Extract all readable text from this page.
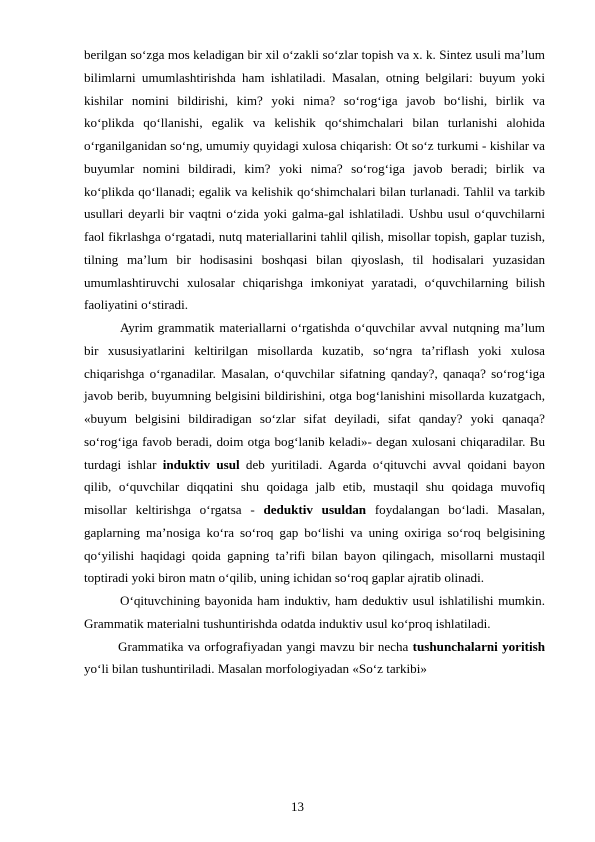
berilgan so‘zga mos keladigan bir xil o‘zakli so‘zlar topish va x. k. Sintez usuli ma’lum bilimlarni umumlashtirishda ham ishlatiladi. Masalan, otning belgilari: buyum yoki kishilar nomini bildirishi, kim? yoki nima? so‘rog‘iga javob bo‘lishi, birlik va ko‘plikda qo‘llanishi, egalik va kelishik qo‘shimchalari bilan turlanishi alohida o‘rganilganidan so‘ng, umumiy quyidagi xulosa chiqarish: Ot so‘z turkumi - kishilar va buyumlar nomini bildiradi, kim? yoki nima? so‘rog‘iga javob beradi; birlik va ko‘plikda qo‘llanadi; egalik va kelishik qo‘shimchalari bilan turlanadi. Tahlil va tarkib usullari deyarli bir vaqtni o‘zida yoki galma-gal ishlatiladi. Ushbu usul o‘quvchilarni faol fikrlashga o‘rgatadi, nutq materiallarini tahlil qilish, misollar topish, gaplar tuzish, tilning ma’lum bir hodisasini boshqasi bilan qiyoslash, til hodisalari yuzasidan umumlashtiruvchi xulosalar chiqarishga imkoniyat yaratadi, o‘quvchilarning bilish faoliyatini o‘stiradi.

Ayrim grammatik materiallarni o‘rgatishda o‘quvchilar avval nutqning ma’lum bir xususiyatlarini keltirilgan misollarda kuzatib, so‘ngra ta’riflash yoki xulosa chiqarishga o‘rganadilar. Masalan, o‘quvchilar sifatning qanday?, qanaqa? so‘rog‘iga javob berib, buyumning belgisini bildirishini, otga bog‘lanishini misollarda kuzatgach, «buyum belgisini bildiradigan so‘zlar sifat deyiladi, sifat qanday? yoki qanaqa? so‘rog‘iga favob beradi, doim otga bog‘lanib keladi»- degan xulosani chiqaradilar. Bu turdagi ishlar induktiv usul deb yuritiladi. Agarda o‘qituvchi avval qoidani bayon qilib, o‘quvchilar diqqatini shu qoidaga jalb etib, mustaqil shu qoidaga muvofiq misollar keltirishga o‘rgatsa - deduktiv usuldan foydalangan bo‘ladi. Masalan, gaplarning ma’nosiga ko‘ra so‘roq gap bo‘lishi va uning oxiriga so‘roq belgisining qo‘yilishi haqidagi qoida gapning ta’rifi bilan bayon qilingach, misollarni mustaqil toptiradi yoki biron matn o‘qilib, uning ichidan so‘roq gaplar ajratib olinadi.

O‘qituvchining bayonida ham induktiv, ham deduktiv usul ishlatilishi mumkin. Grammatik materialni tushuntirishda odatda induktiv usul ko‘proq ishlatiladi.

Grammatika va orfografiyadan yangi mavzu bir necha tushunchalarni yoritish yo‘li bilan tushuntiriladi. Masalan morfologiyadan «So‘z tarkibi»

13
